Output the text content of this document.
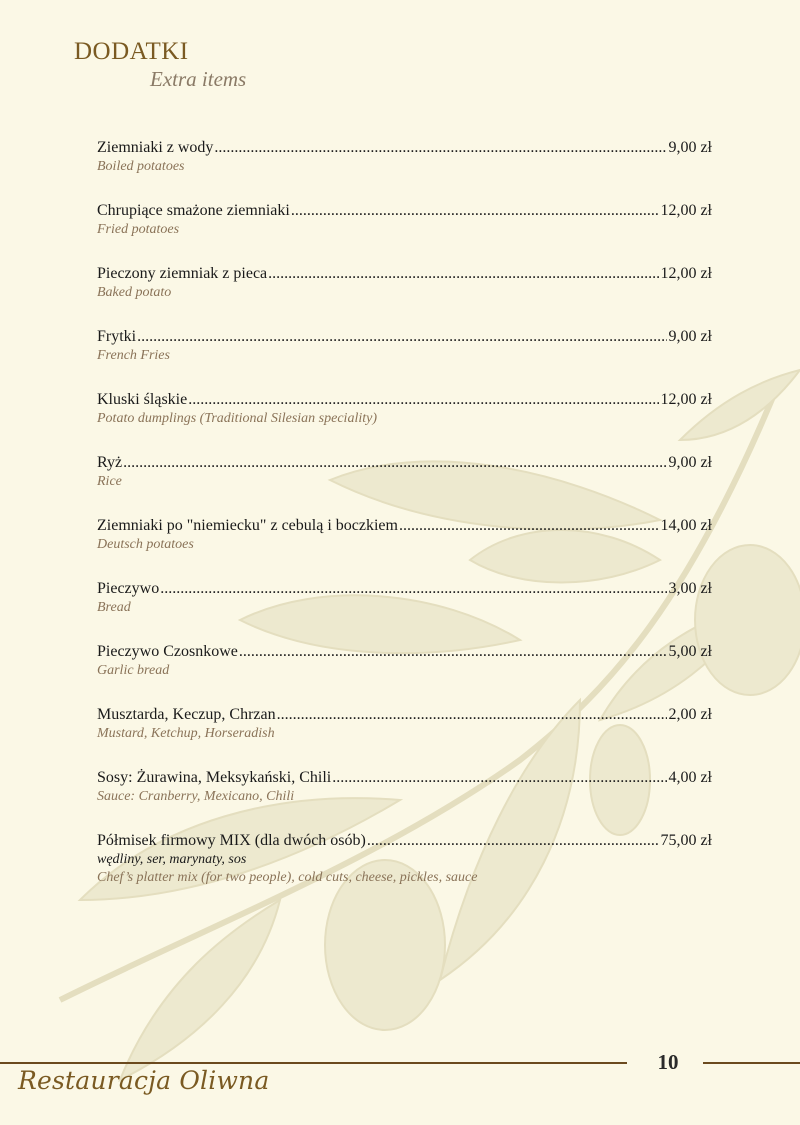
DODATKI
Extra items
Ziemniaki z wody .....	9,00 zł
Boiled potatoes
Chrupiące smażone ziemniaki .....	12,00 zł
Fried potatoes
Pieczony ziemniak z pieca .....	12,00 zł
Baked potato
Frytki .....	9,00 zł
French Fries
Kluski śląskie .....	12,00 zł
Potato dumplings (Traditional Silesian speciality)
Ryż .....	9,00 zł
Rice
Ziemniaki po "niemiecku" z cebulą i boczkiem .....	14,00 zł
Deutsch potatoes
Pieczywo .....	3,00 zł
Bread
Pieczywo Czosnkowe .....	5,00 zł
Garlic bread
Musztarda, Keczup, Chrzan .....	2,00 zł
Mustard, Ketchup, Horseradish
Sosy: Żurawina, Meksykański, Chili .....	4,00 zł
Sauce: Cranberry, Mexicano, Chili
Półmisek firmowy MIX (dla dwóch osób) .....	75,00 zł
wędliny, ser, marynaty, sos
Chef’s platter mix (for two people), cold cuts, cheese, pickles, sauce
10
Restauracja Oliwna
